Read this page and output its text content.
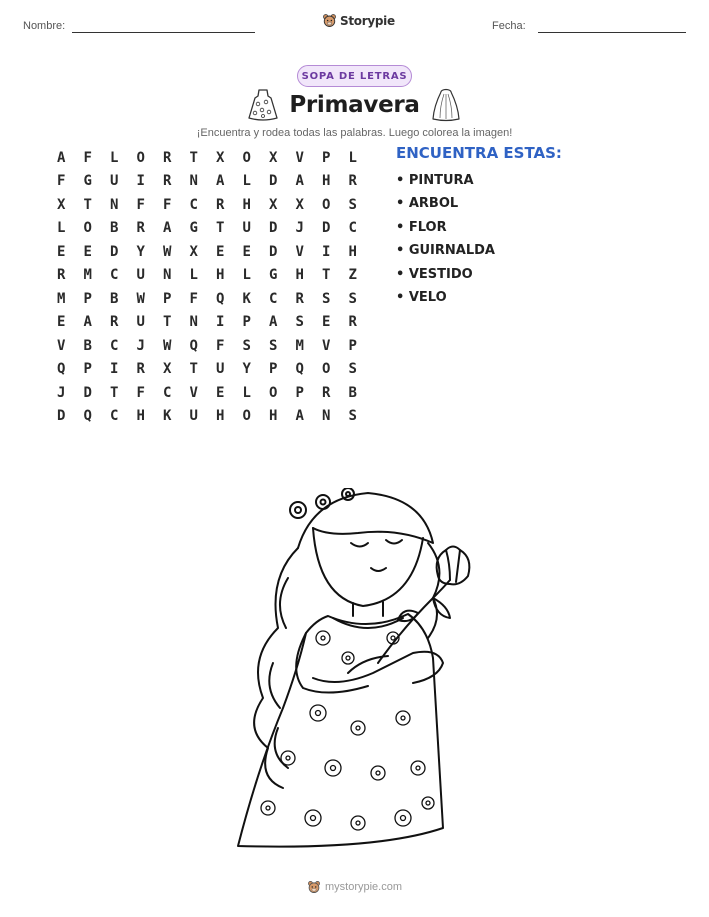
Nombre:	Storypie	Fecha:
SOPA DE LETRAS
Primavera
¡Encuentra y rodea todas las palabras. Luego colorea la imagen!
A	F	L	O	R	T	X	O	X	V	P	L
F	G	U	I	R	N	A	L	D	A	H	R
X	T	N	F	F	C	R	H	X	X	O	S
L	O	B	R	A	G	T	U	D	J	D	C
E	E	D	Y	W	X	E	E	D	V	I	H
R	M	C	U	N	L	H	L	G	H	T	Z
M	P	B	W	P	F	Q	K	C	R	S	S
E	A	R	U	T	N	I	P	A	S	E	R
V	B	C	J	W	Q	F	S	S	M	V	P
Q	P	I	R	X	T	U	Y	P	Q	O	S
J	D	T	F	C	V	E	L	O	P	R	B
D	Q	C	H	K	U	H	O	H	A	N	S
ENCUENTRA ESTAS:
• PINTURA
• ARBOL
• FLOR
• GUIRNALDA
• VESTIDO
• VELO
mystorypie.com
